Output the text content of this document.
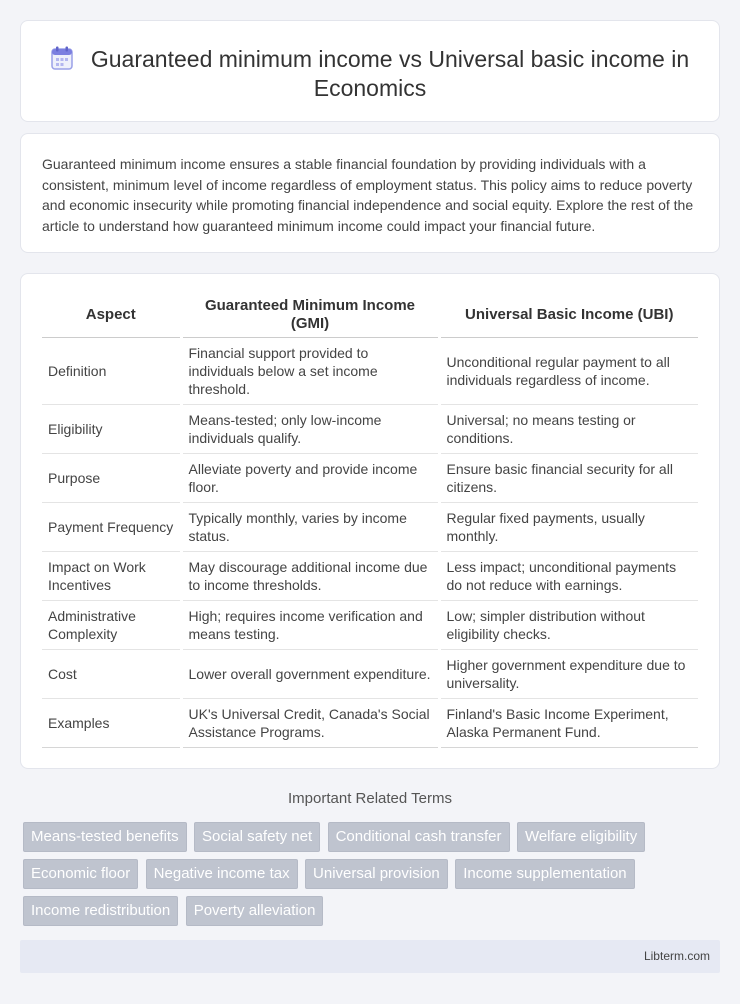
Guaranteed minimum income vs Universal basic income in Economics

Guaranteed minimum income ensures a stable financial foundation by providing individuals with a consistent, minimum level of income regardless of employment status. This policy aims to reduce poverty and economic insecurity while promoting financial independence and social equity. Explore the rest of the article to understand how guaranteed minimum income could impact your financial future.

Aspect	Guaranteed Minimum Income (GMI)	Universal Basic Income (UBI)
Definition	Financial support provided to individuals below a set income threshold.	Unconditional regular payment to all individuals regardless of income.
Eligibility	Means-tested; only low-income individuals qualify.	Universal; no means testing or conditions.
Purpose	Alleviate poverty and provide income floor.	Ensure basic financial security for all citizens.
Payment Frequency	Typically monthly, varies by income status.	Regular fixed payments, usually monthly.
Impact on Work Incentives	May discourage additional income due to income thresholds.	Less impact; unconditional payments do not reduce with earnings.
Administrative Complexity	High; requires income verification and means testing.	Low; simpler distribution without eligibility checks.
Cost	Lower overall government expenditure.	Higher government expenditure due to universality.
Examples	UK's Universal Credit, Canada's Social Assistance Programs.	Finland's Basic Income Experiment, Alaska Permanent Fund.
Important Related Terms
Means-tested benefits Social safety net Conditional cash transfer Welfare eligibility Economic floor Negative income tax Universal provision Income supplementation Income redistribution Poverty alleviation
Libterm.com
